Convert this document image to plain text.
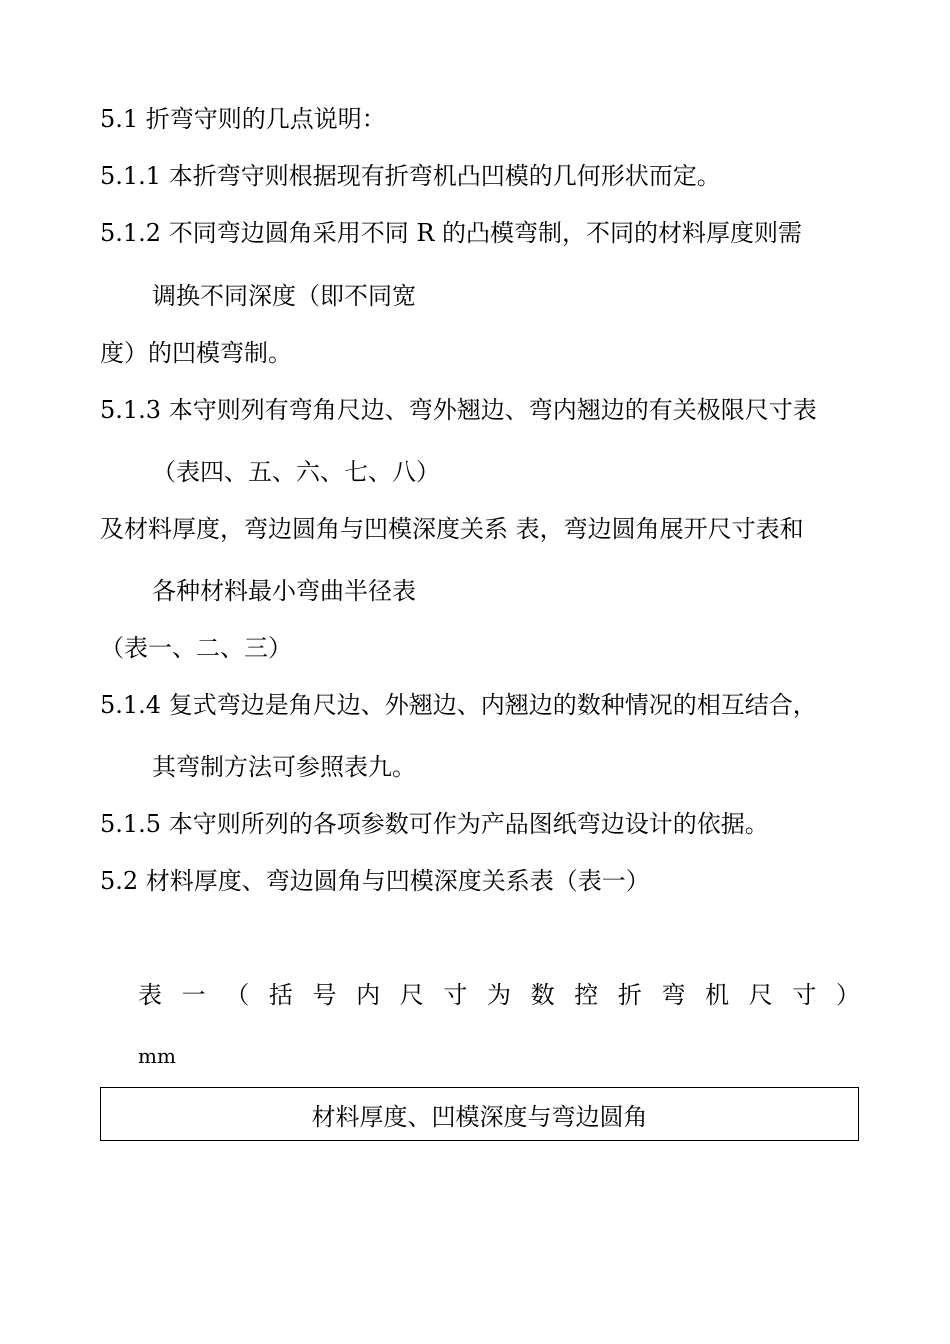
5.1 折弯守则的几点说明：
5.1.1 本折弯守则根据现有折弯机凸凹模的几何形状而定。
5.1.2 不同弯边圆角采用不同 R 的凸模弯制，不同的材料厚度则需
调换不同深度（即不同宽
度）的凹模弯制。
5.1.3 本守则列有弯角尺边、弯外翘边、弯内翘边的有关极限尺寸表
（表四、五、六、七、八）
及材料厚度，弯边圆角与凹模深度关系 表，弯边圆角展开尺寸表和
各种材料最小弯曲半径表
（表一、二、三）
5.1.4 复式弯边是角尺边、外翘边、内翘边的数种情况的相互结合，
其弯制方法可参照表九。
5.1.5 本守则所列的各项参数可作为产品图纸弯边设计的依据。
5.2 材料厚度、弯边圆角与凹模深度关系表（表一）
表 一 （ 括 号 内 尺 寸 为 数 控 折 弯 机 尺 寸 ）
mm
材料厚度、凹模深度与弯边圆角
